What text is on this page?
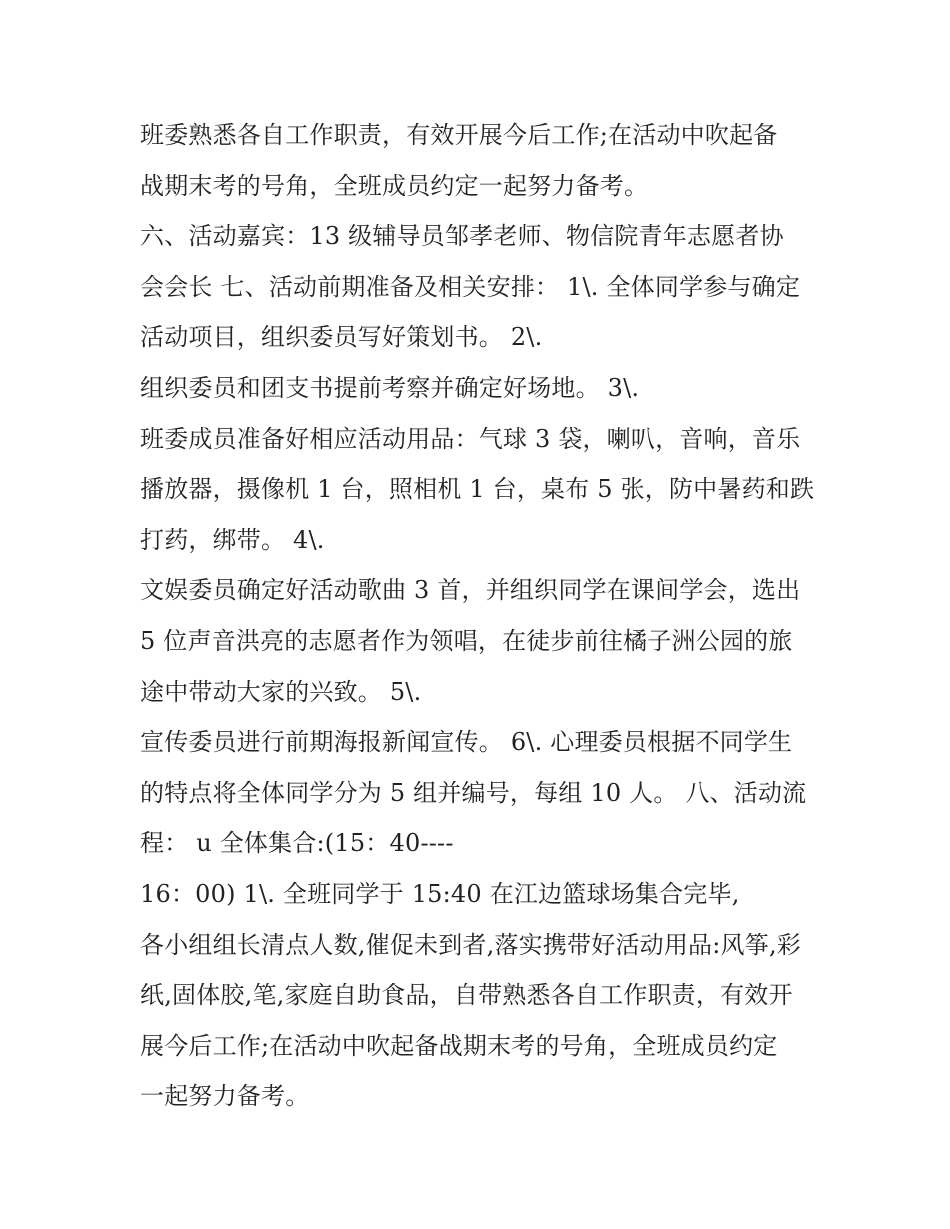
班委熟悉各自工作职责，有效开展今后工作;在活动中吹起备
战期末考的号角，全班成员约定一起努力备考。
六、活动嘉宾：13 级辅导员邹孝老师、物信院青年志愿者协
会会长 七、活动前期准备及相关安排： 1\. 全体同学参与确定
活动项目，组织委员写好策划书。 2\.
组织委员和团支书提前考察并确定好场地。 3\.
班委成员准备好相应活动用品：气球 3 袋，喇叭，音响，音乐
播放器，摄像机 1 台，照相机 1 台，桌布 5 张，防中暑药和跌
打药，绑带。 4\.
文娱委员确定好活动歌曲 3 首，并组织同学在课间学会，选出
5 位声音洪亮的志愿者作为领唱，在徒步前往橘子洲公园的旅
途中带动大家的兴致。 5\.
宣传委员进行前期海报新闻宣传。 6\. 心理委员根据不同学生
的特点将全体同学分为 5 组并编号，每组 10 人。 八、活动流
程： u 全体集合:(15：40----
16：00) 1\. 全班同学于 15:40 在江边篮球场集合完毕,
各小组组长清点人数,催促未到者,落实携带好活动用品:风筝,彩
纸,固体胶,笔,家庭自助食品，自带熟悉各自工作职责，有效开
展今后工作;在活动中吹起备战期末考的号角，全班成员约定
一起努力备考。
